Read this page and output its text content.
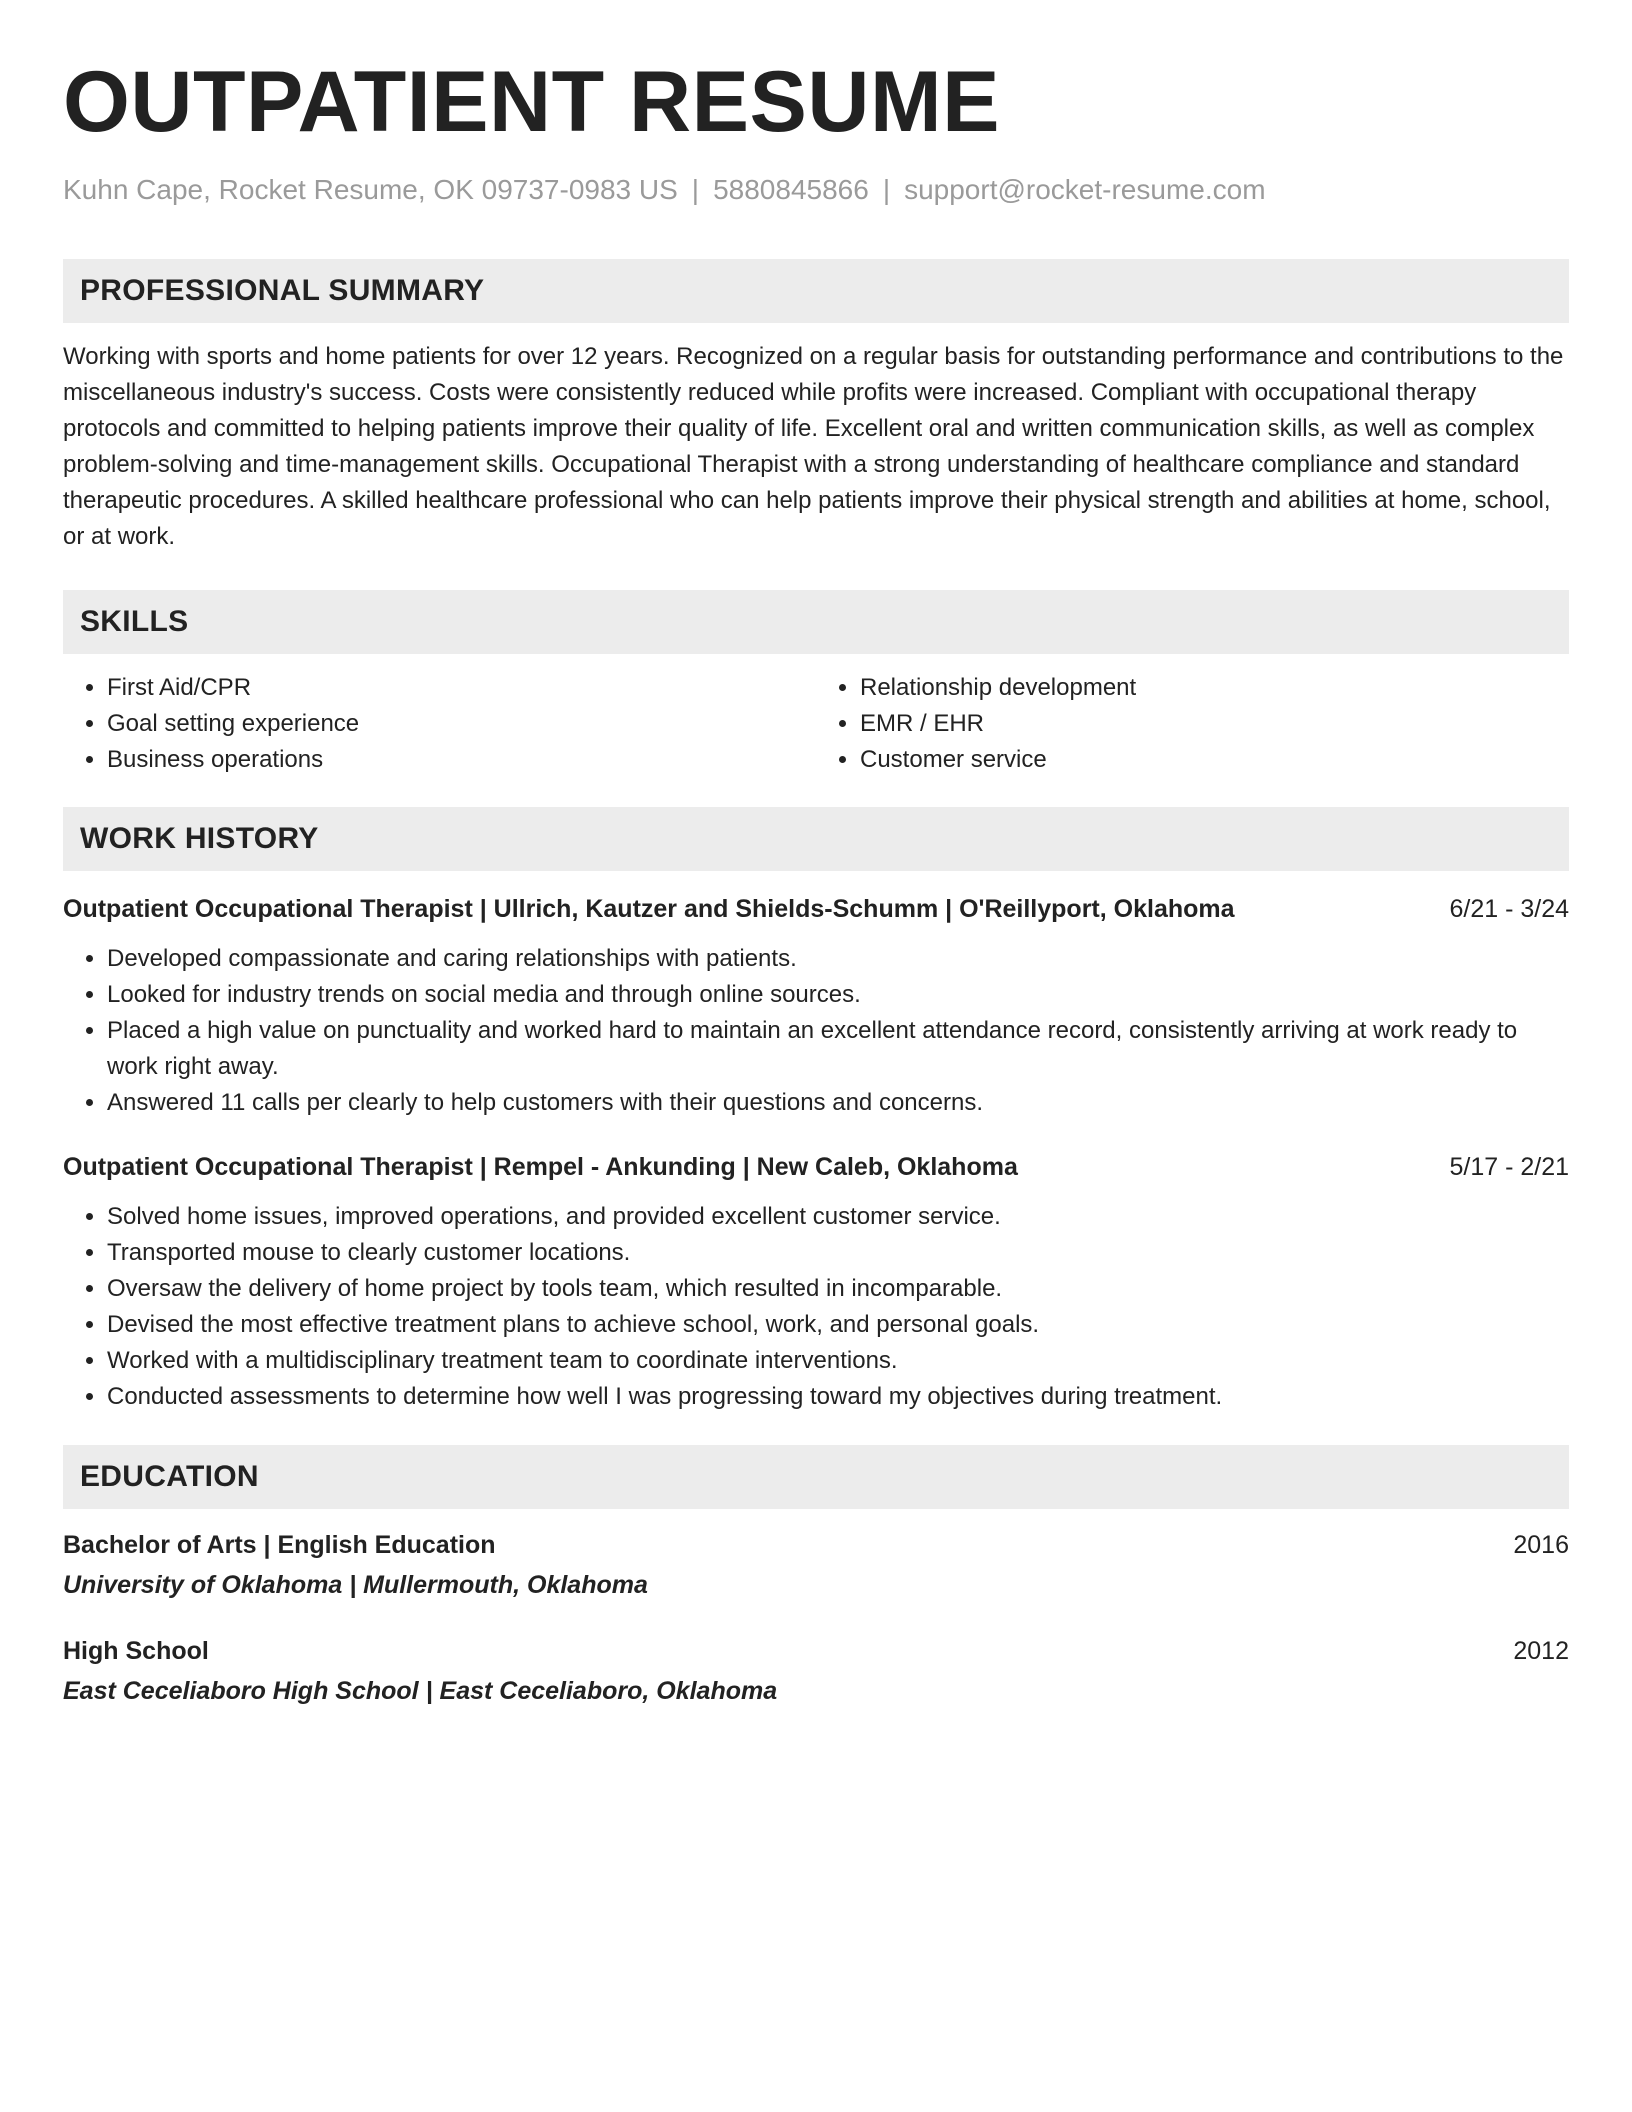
OUTPATIENT RESUME
Kuhn Cape, Rocket Resume, OK 09737-0983 US | 5880845866 | support@rocket-resume.com
PROFESSIONAL SUMMARY
Working with sports and home patients for over 12 years. Recognized on a regular basis for outstanding performance and contributions to the miscellaneous industry's success. Costs were consistently reduced while profits were increased. Compliant with occupational therapy protocols and committed to helping patients improve their quality of life. Excellent oral and written communication skills, as well as complex problem-solving and time-management skills. Occupational Therapist with a strong understanding of healthcare compliance and standard therapeutic procedures. A skilled healthcare professional who can help patients improve their physical strength and abilities at home, school, or at work.
SKILLS
• First Aid/CPR
• Goal setting experience
• Business operations
• Relationship development
• EMR / EHR
• Customer service
WORK HISTORY
Outpatient Occupational Therapist | Ullrich, Kautzer and Shields-Schumm | O'Reillyport, Oklahoma	6/21 - 3/24
• Developed compassionate and caring relationships with patients.
• Looked for industry trends on social media and through online sources.
• Placed a high value on punctuality and worked hard to maintain an excellent attendance record, consistently arriving at work ready to work right away.
• Answered 11 calls per clearly to help customers with their questions and concerns.
Outpatient Occupational Therapist | Rempel - Ankunding | New Caleb, Oklahoma	5/17 - 2/21
• Solved home issues, improved operations, and provided excellent customer service.
• Transported mouse to clearly customer locations.
• Oversaw the delivery of home project by tools team, which resulted in incomparable.
• Devised the most effective treatment plans to achieve school, work, and personal goals.
• Worked with a multidisciplinary treatment team to coordinate interventions.
• Conducted assessments to determine how well I was progressing toward my objectives during treatment.
EDUCATION
Bachelor of Arts | English Education	2016
University of Oklahoma | Mullermouth, Oklahoma
High School	2012
East Ceceliaboro High School | East Ceceliaboro, Oklahoma
